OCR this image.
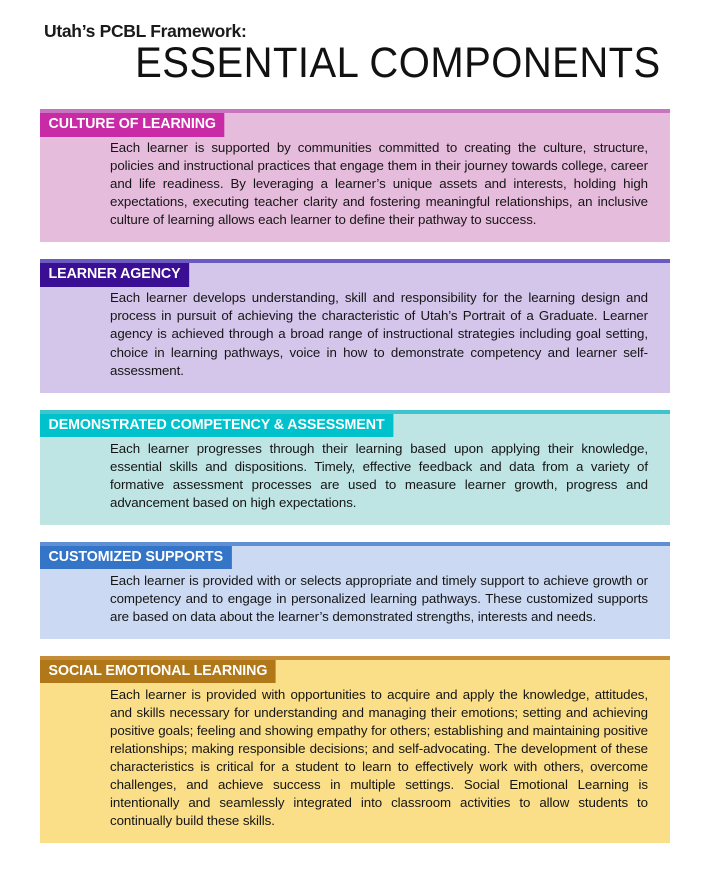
Utah’s PCBL Framework:
ESSENTIAL COMPONENTS
CULTURE OF LEARNING

Each learner is supported by communities committed to creating the culture, structure, policies and instructional practices that engage them in their journey towards college, career and life readiness. By leveraging a learner’s unique assets and interests, holding high expectations, executing teacher clarity and fostering meaningful relationships, an inclusive culture of learning allows each learner to define their pathway to success.

LEARNER AGENCY

Each learner develops understanding, skill and responsibility for the learning design and process in pursuit of achieving the characteristic of Utah’s Portrait of a Graduate. Learner agency is achieved through a broad range of instructional strategies including goal setting, choice in learning pathways, voice in how to demonstrate competency and learner self-assessment.

DEMONSTRATED COMPETENCY & ASSESSMENT

Each learner progresses through their learning based upon applying their knowledge, essential skills and dispositions. Timely, effective feedback and data from a variety of formative assessment processes are used to measure learner growth, progress and advancement based on high expectations.

CUSTOMIZED SUPPORTS

Each learner is provided with or selects appropriate and timely support to achieve growth or competency and to engage in personalized learning pathways. These customized supports are based on data about the learner’s demonstrated strengths, interests and needs.

SOCIAL EMOTIONAL LEARNING

Each learner is provided with opportunities to acquire and apply the knowledge, attitudes, and skills necessary for understanding and managing their emotions; setting and achieving positive goals; feeling and showing empathy for others; establishing and maintaining positive relationships; making responsible decisions; and self-advocating. The development of these characteristics is critical for a student to learn to effectively work with others, overcome challenges, and achieve success in multiple settings. Social Emotional Learning is intentionally and seamlessly integrated into classroom activities to allow students to continually build these skills.
